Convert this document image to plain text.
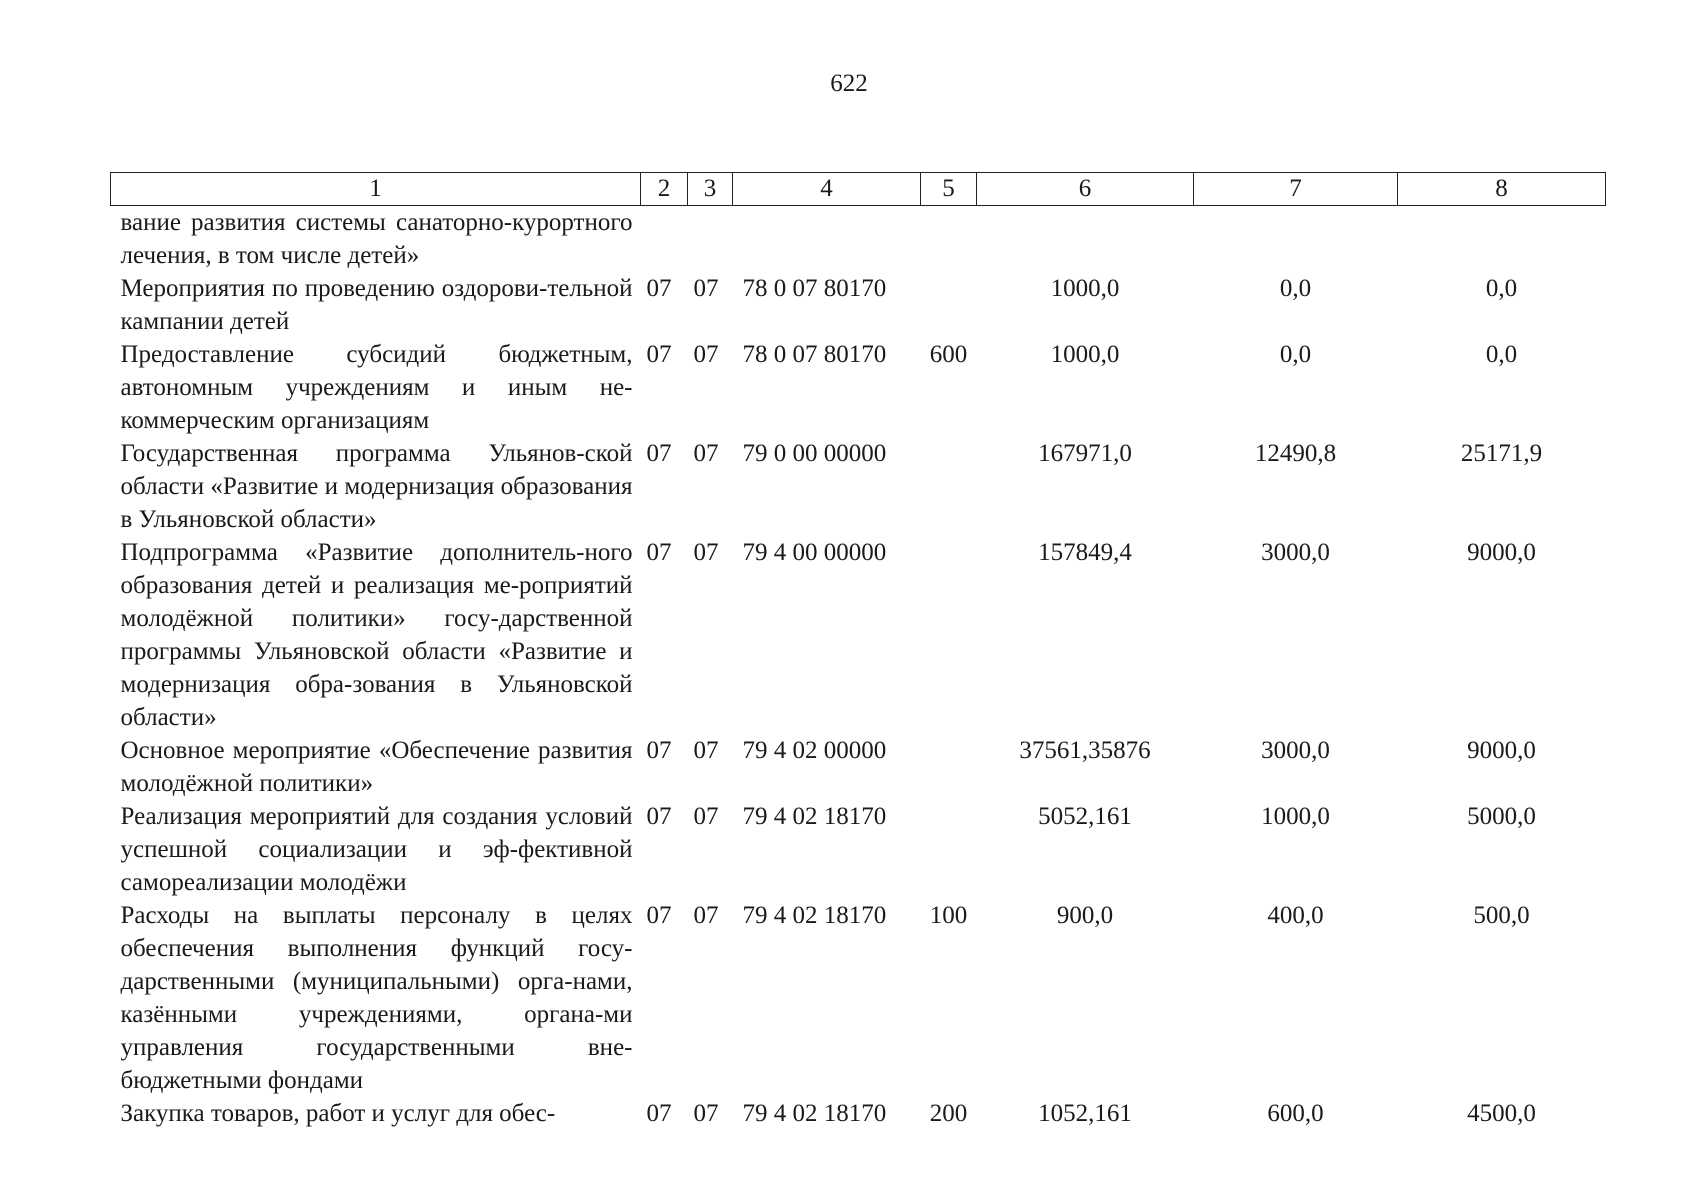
622
1	2	3	4	5	6	7	8
вание развития системы санаторно-курортного лечения, в том числе детей»							
Мероприятия по проведению оздорови-тельной кампании детей	07	07	78 0 07 80170		1000,0	0,0	0,0
Предоставление субсидий бюджетным, автономным учреждениям и иным не-коммерческим организациям	07	07	78 0 07 80170	600	1000,0	0,0	0,0
Государственная программа Ульянов-ской области «Развитие и модернизация образования в Ульяновской области»	07	07	79 0 00 00000		167971,0	12490,8	25171,9
Подпрограмма «Развитие дополнитель-ного образования детей и реализация ме-роприятий молодёжной политики» госу-дарственной программы Ульяновской области «Развитие и модернизация обра-зования в Ульяновской области»	07	07	79 4 00 00000		157849,4	3000,0	9000,0
Основное мероприятие «Обеспечение развития молодёжной политики»	07	07	79 4 02 00000		37561,35876	3000,0	9000,0
Реализация мероприятий для создания условий успешной социализации и эф-фективной самореализации молодёжи	07	07	79 4 02 18170		5052,161	1000,0	5000,0
Расходы на выплаты персоналу в целях обеспечения выполнения функций госу-дарственными (муниципальными) орга-нами, казёнными учреждениями, органа-ми управления государственными вне-бюджетными фондами	07	07	79 4 02 18170	100	900,0	400,0	500,0
Закупка товаров, работ и услуг для обес-	07	07	79 4 02 18170	200	1052,161	600,0	4500,0
